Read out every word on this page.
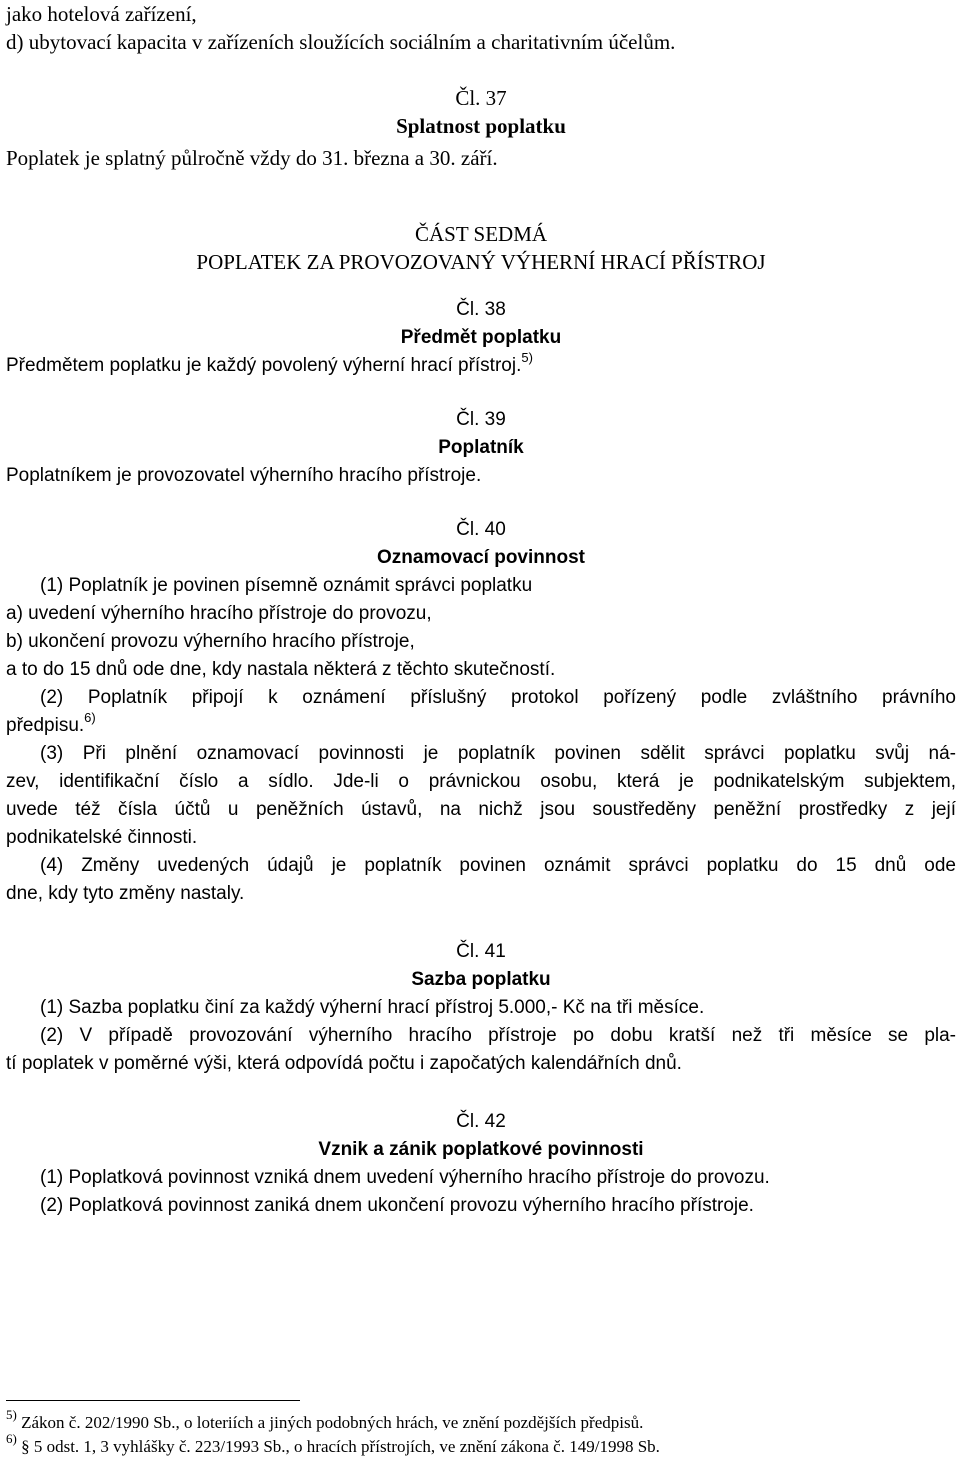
jako hotelová zařízení,
d) ubytovací kapacita v zařízeních sloužících sociálním a charitativním účelům.
Čl. 37
Splatnost poplatku
Poplatek je splatný půlročně vždy do 31. března a 30. září.
ČÁST SEDMÁ
POPLATEK ZA PROVOZOVANÝ VÝHERNÍ HRACÍ PŘÍSTROJ
Čl. 38
Předmět poplatku
Předmětem poplatku je každý povolený výherní hrací přístroj.$^{5)}$
Čl. 39
Poplatník
Poplatníkem je provozovatel výherního hracího přístroje.
Čl. 40
Oznamovací povinnost
(1) Poplatník je povinen písemně oznámit správci poplatku
a) uvedení výherního hracího přístroje do provozu,
b) ukončení provozu výherního hracího přístroje,
a to do 15 dnů ode dne, kdy nastala některá z těchto skutečností.
(2) Poplatník připojí k oznámení příslušný protokol pořízený podle zvláštního právního
předpisu.$^{6)}$
(3) Při plnění oznamovací povinnosti je poplatník povinen sdělit správci poplatku svůj ná-
zev, identifikační číslo a sídlo. Jde-li o právnickou osobu, která je podnikatelským subjektem,
uvede též čísla účtů u peněžních ústavů, na nichž jsou soustředěny peněžní prostředky z její
podnikatelské činnosti.
(4) Změny uvedených údajů je poplatník povinen oznámit správci poplatku do 15 dnů ode
dne, kdy tyto změny nastaly.
Čl. 41
Sazba poplatku
(1) Sazba poplatku činí za každý výherní hrací přístroj 5.000,- Kč na tři měsíce.
(2) V případě provozování výherního hracího přístroje po dobu kratší než tři měsíce se pla-
tí poplatek v poměrné výši, která odpovídá počtu i započatých kalendářních dnů.
Čl. 42
Vznik a zánik poplatkové povinnosti
(1) Poplatková povinnost vzniká dnem uvedení výherního hracího přístroje do provozu.
(2) Poplatková povinnost zaniká dnem ukončení provozu výherního hracího přístroje.
$^{5)}$ Zákon č. 202/1990 Sb., o loteriích a jiných podobných hrách, ve znění pozdějších předpisů.
$^{6)}$ § 5 odst. 1, 3 vyhlášky č. 223/1993 Sb., o hracích přístrojích, ve znění zákona č. 149/1998 Sb.
